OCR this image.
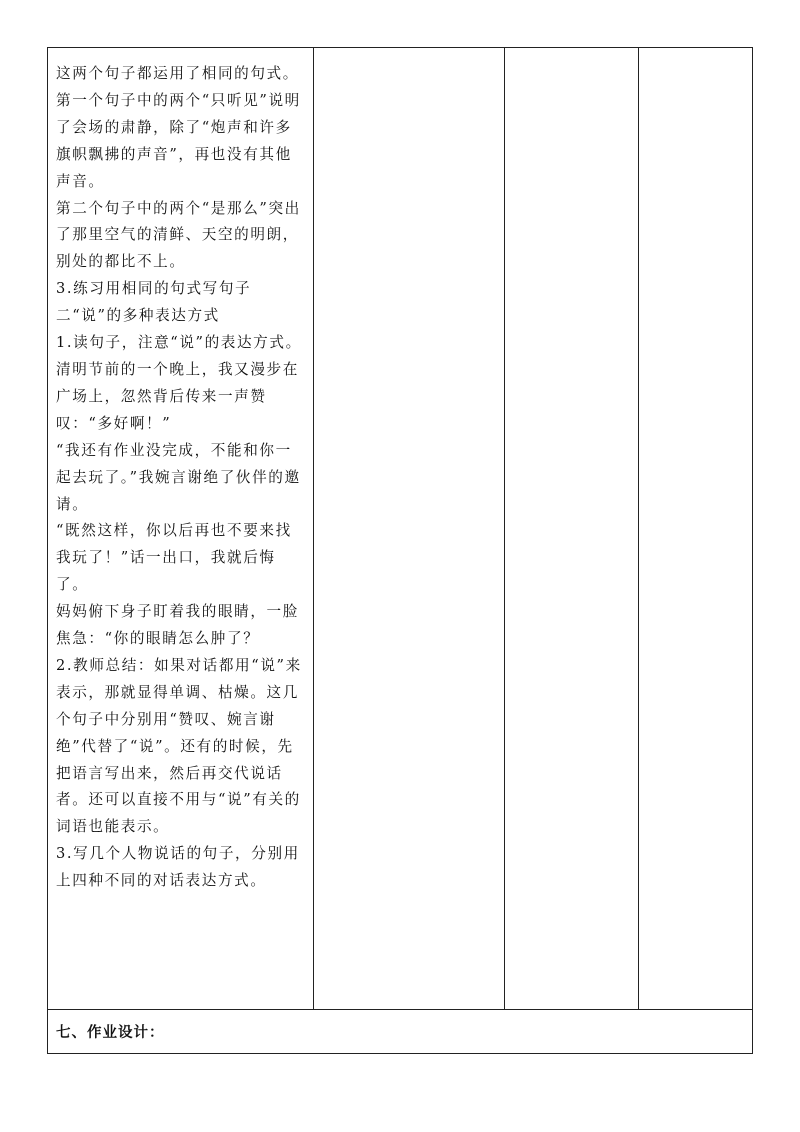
这两个句子都运用了相同的句式。

第一个句子中的两个“只听见”说明了会场的肃静，除了“炮声和许多旗帜飘拂的声音”，再也没有其他声音。

第二个句子中的两个“是那么”突出了那里空气的清鲜、天空的明朗，别处的都比不上。

3.练习用相同的句式写句子

二“说”的多种表达方式

1.读句子，注意“说”的表达方式。

清明节前的一个晚上，我又漫步在广场上，忽然背后传来一声赞叹：“多好啊！”

“我还有作业没完成，不能和你一起去玩了。”我婉言谢绝了伙伴的邀请。

“既然这样，你以后再也不要来找我玩了！”话一出口，我就后悔了。

妈妈俯下身子盯着我的眼睛，一脸焦急：“你的眼睛怎么肿了？

2.教师总结：如果对话都用“说”来表示，那就显得单调、枯燥。这几个句子中分别用“赞叹、婉言谢绝”代替了“说”。还有的时候，先把语言写出来，然后再交代说话者。还可以直接不用与“说”有关的词语也能表示。

3.写几个人物说话的句子，分别用上四种不同的对话表达方式。

七、作业设计：
